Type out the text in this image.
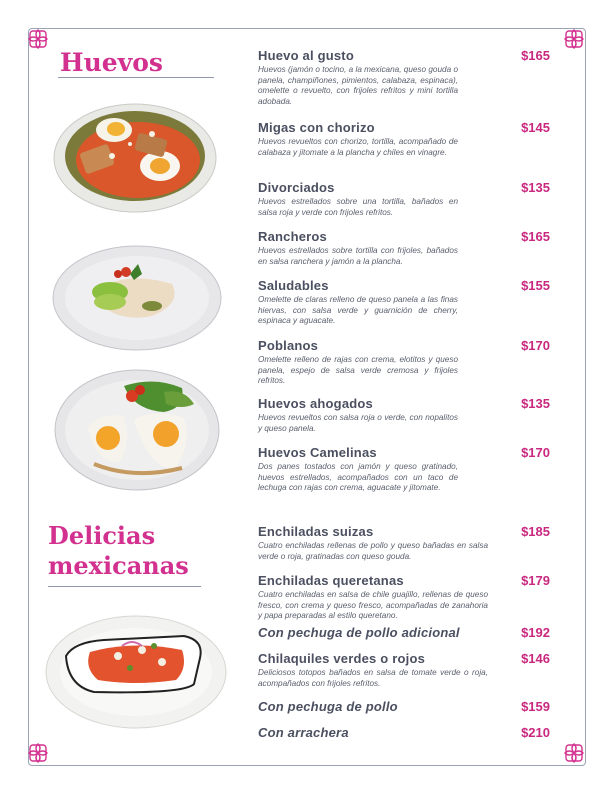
Huevos	Huevo al gusto	$165
Huevos (jamón o tocino, a la mexicana, queso gouda o panela, champiñones, pimientos, calabaza, espinaca), omelette o revuelto, con frijoles refritos y mini tortilla adobada.
Migas con chorizo	$145
Huevos revueltos con chorizo, tortilla, acompañado de calabaza y jitomate a la plancha y chiles en vinagre.
Divorciados	$135
Huevos estrellados sobre una tortilla, bañados en salsa roja y verde con frijoles refritos.
Rancheros	$165
Huevos estrellados sobre tortilla con frijoles, bañados en salsa ranchera y jamón a la plancha.
Saludables	$155
Omelette de claras relleno de queso panela a las finas hiervas, con salsa verde y guarnición de cherry, espinaca y aguacate.
Poblanos	$170
Omelette relleno de rajas con crema, elotitos y queso panela, espejo de salsa verde cremosa y frijoles refritos.
Huevos ahogados	$135
Huevos revueltos con salsa roja o verde, con nopalitos y queso panela.
Huevos Camelinas	$170
Dos panes tostados con jamón y queso gratinado, huevos estrellados, acompañados con un taco de lechuga con rajas con crema, aguacate y jitomate.
Delicias
mexicanas
Enchiladas suizas	$185
Cuatro enchiladas rellenas de pollo y queso bañadas en salsa verde o roja, gratinadas con queso gouda.
Enchiladas queretanas	$179
Cuatro enchiladas en salsa de chile guajillo, rellenas de queso fresco, con crema y queso fresco, acompañadas de zanahoria y papa preparadas al estilo queretano.
Con pechuga de pollo adicional	$192
Chilaquiles verdes o rojos	$146
Deliciosos totopos bañados en salsa de tomate verde o roja, acompañados con frijoles refritos.
Con pechuga de pollo	$159
Con arrachera	$210
